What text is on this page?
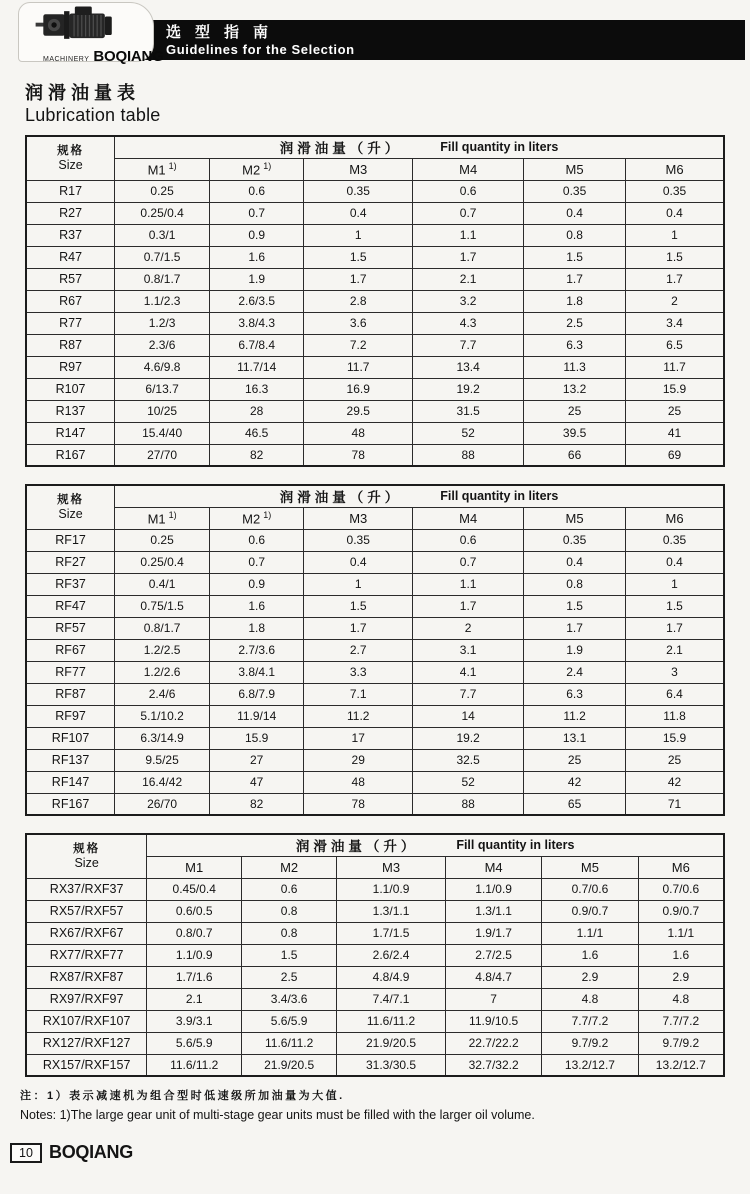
选型指南
Guidelines for the Selection
MACHINERY BOQIANG
润滑油量表
Lubrication table
规格
Size	润滑油量（升） Fill quantity in liters					

	M1 $^{1)}$	M2 $^{1)}$	M3	M4	M5	M6
R17	0.25	0.6	0.35	0.6	0.35	0.35
R27	0.25/0.4	0.7	0.4	0.7	0.4	0.4
R37	0.3/1	0.9	1	1.1	0.8	1
R47	0.7/1.5	1.6	1.5	1.7	1.5	1.5
R57	0.8/1.7	1.9	1.7	2.1	1.7	1.7
R67	1.1/2.3	2.6/3.5	2.8	3.2	1.8	2
R77	1.2/3	3.8/4.3	3.6	4.3	2.5	3.4
R87	2.3/6	6.7/8.4	7.2	7.7	6.3	6.5
R97	4.6/9.8	11.7/14	11.7	13.4	11.3	11.7
R107	6/13.7	16.3	16.9	19.2	13.2	15.9
R137	10/25	28	29.5	31.5	25	25
R147	15.4/40	46.5	48	52	39.5	41
R167	27/70	82	78	88	66	69
规格
Size	润滑油量（升） Fill quantity in liters					

	M1 $^{1)}$	M2 $^{1)}$	M3	M4	M5	M6
RF17	0.25	0.6	0.35	0.6	0.35	0.35
RF27	0.25/0.4	0.7	0.4	0.7	0.4	0.4
RF37	0.4/1	0.9	1	1.1	0.8	1
RF47	0.75/1.5	1.6	1.5	1.7	1.5	1.5
RF57	0.8/1.7	1.8	1.7	2	1.7	1.7
RF67	1.2/2.5	2.7/3.6	2.7	3.1	1.9	2.1
RF77	1.2/2.6	3.8/4.1	3.3	4.1	2.4	3
RF87	2.4/6	6.8/7.9	7.1	7.7	6.3	6.4
RF97	5.1/10.2	11.9/14	11.2	14	11.2	11.8
RF107	6.3/14.9	15.9	17	19.2	13.1	15.9
RF137	9.5/25	27	29	32.5	25	25
RF147	16.4/42	47	48	52	42	42
RF167	26/70	82	78	88	65	71
规格
Size	润滑油量（升） Fill quantity in liters					

	M1	M2	M3	M4	M5	M6
RX37/RXF37	0.45/0.4	0.6	1.1/0.9	1.1/0.9	0.7/0.6	0.7/0.6
RX57/RXF57	0.6/0.5	0.8	1.3/1.1	1.3/1.1	0.9/0.7	0.9/0.7
RX67/RXF67	0.8/0.7	0.8	1.7/1.5	1.9/1.7	1.1/1	1.1/1
RX77/RXF77	1.1/0.9	1.5	2.6/2.4	2.7/2.5	1.6	1.6
RX87/RXF87	1.7/1.6	2.5	4.8/4.9	4.8/4.7	2.9	2.9
RX97/RXF97	2.1	3.4/3.6	7.4/7.1	7	4.8	4.8
RX107/RXF107	3.9/3.1	5.6/5.9	11.6/11.2	11.9/10.5	7.7/7.2	7.7/7.2
RX127/RXF127	5.6/5.9	11.6/11.2	21.9/20.5	22.7/22.2	9.7/9.2	9.7/9.2
RX157/RXF157	11.6/11.2	21.9/20.5	31.3/30.5	32.7/32.2	13.2/12.7	13.2/12.7
注：1）表示减速机为组合型时低速级所加油量为大值.
Notes: 1)The large gear unit of multi-stage gear units must be filled with the larger oil volume.
10 BOQIANG
